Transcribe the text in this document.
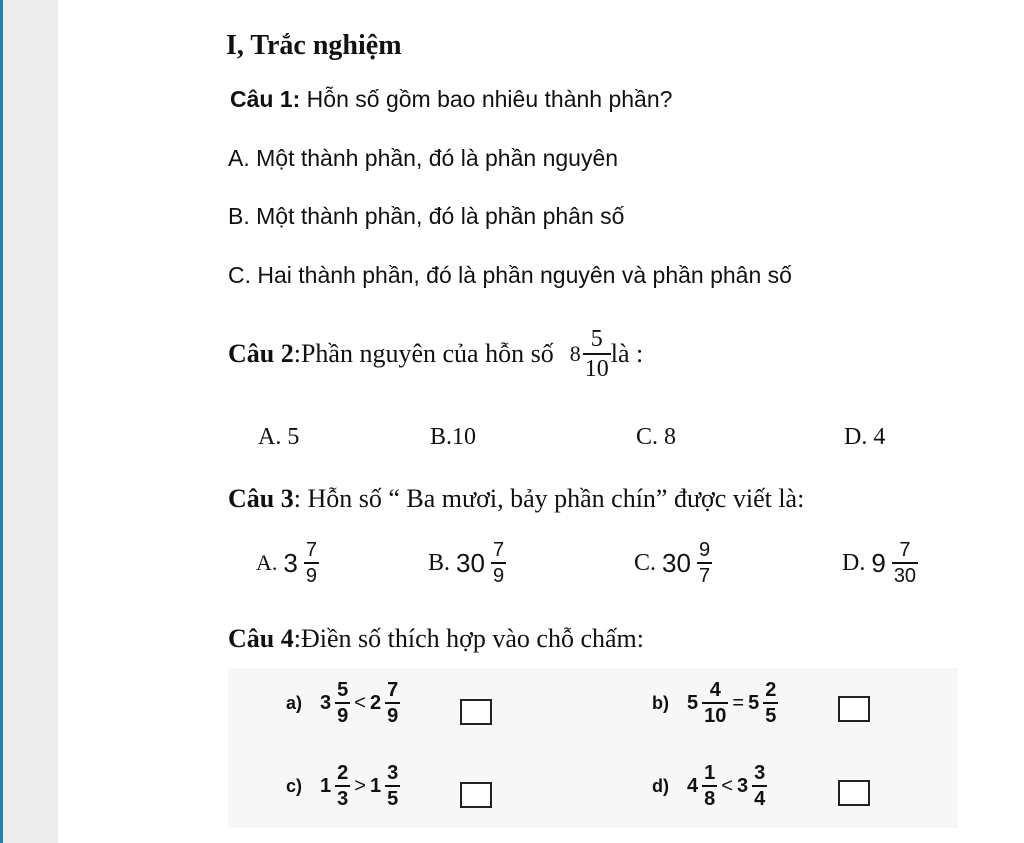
I, Trắc nghiệm
Câu 1: Hỗn số gồm bao nhiêu thành phần?
A. Một thành phần, đó là phần nguyên
B. Một thành phần, đó là phần phân số
C. Hai thành phần, đó là phần nguyên và phần phân số
Câu 2 :Phần nguyên của hỗn số $8 \frac{5}{10}$ là :
A. 5	B.10	C. 8	D. 4
Câu 3: Hỗn số “ Ba mươi, bảy phần chín” được viết là:
A. $3 \frac{7}{9}$	B. $30 \frac{7}{9}$	C. $30 \frac{9}{7}$	D. $9 \frac{7}{30}$
Câu 4:Điền số thích hợp vào chỗ chấm:
a) $3 \frac{5}{9} < 2 \frac{7}{9}$	b) $5 \frac{4}{10} = 5 \frac{2}{5}$
c) $1 \frac{2}{3} > 1 \frac{3}{5}$	d) $4 \frac{1}{8} < 3 \frac{3}{4}$
